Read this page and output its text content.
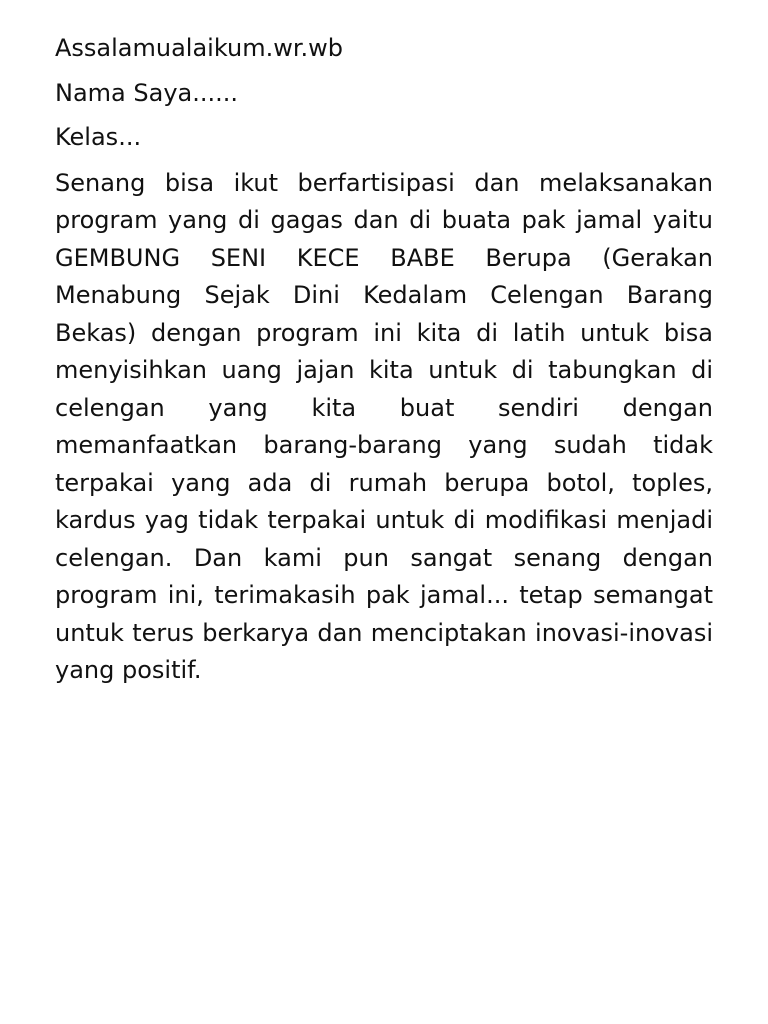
Assalamualaikum.wr.wb

Nama Saya......

Kelas...

Senang bisa ikut berfartisipasi dan melaksanakan program yang di gagas dan di buata pak jamal yaitu GEMBUNG SENI KECE BABE Berupa (Gerakan Menabung Sejak Dini Kedalam Celengan Barang Bekas) dengan program ini kita di latih untuk bisa menyisihkan uang jajan kita untuk di tabungkan di celengan yang kita buat sendiri dengan memanfaatkan barang-barang yang sudah tidak terpakai yang ada di rumah berupa botol, toples, kardus yag tidak terpakai untuk di modifikasi menjadi celengan. Dan kami pun sangat senang dengan program ini, terimakasih pak jamal... tetap semangat untuk terus berkarya dan menciptakan inovasi-inovasi yang positif.
